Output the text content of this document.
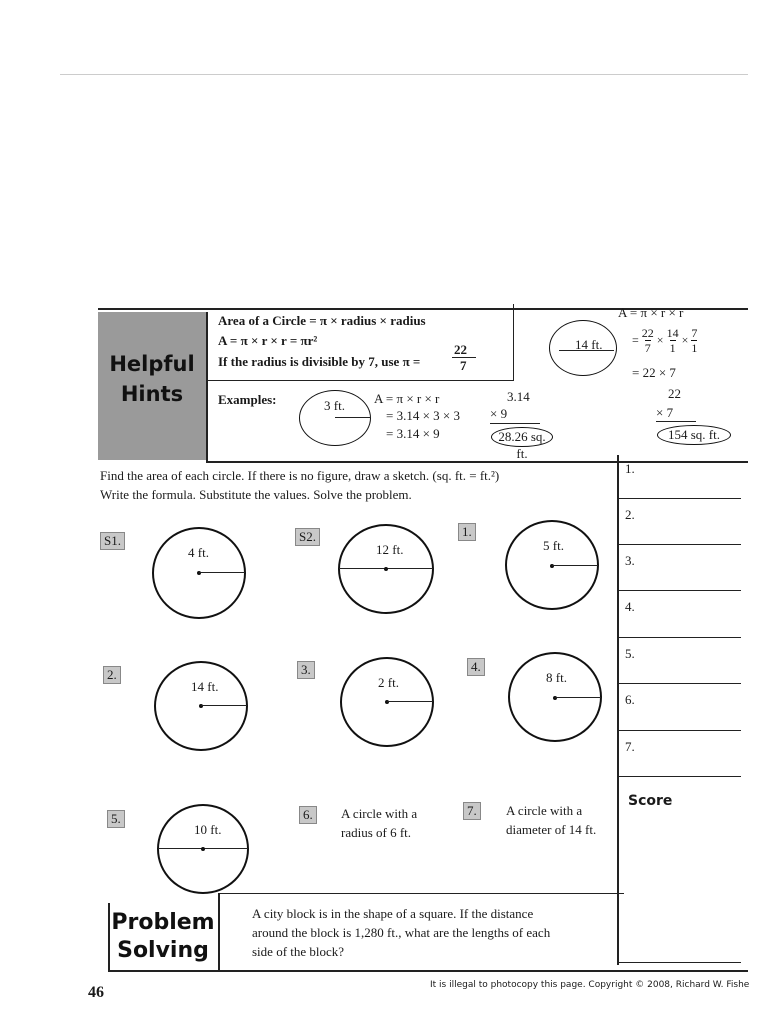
Helpful
Hints
Area of a Circle = π × radius × radius
A = π × r × r = πr²
If the radius is divisible by 7, use π =
22
7
Examples:	3 ft. A = π × r × r
= 3.14 × 3 × 3
= 3.14 × 9
3.14
× 9
28.26 sq. ft.
14 ft.
A = π × r × r
= $\frac{22}{7} \times \frac{14}{1} \times \frac{7}{1}$
= 22 × 7
22
× 7
154 sq. ft.
Find the area of each circle. If there is no figure, draw a sketch. (sq. ft. = ft.²)
Write the formula. Substitute the values. Solve the problem.
1.
2.
3.
4.
5.
6.
7.
Score
S1.
4 ft.
S2.
12 ft.
1.
5 ft.
2.
14 ft.
3.
2 ft.
4.
8 ft.
5.
10 ft.
6.	A circle with a
radius of 6 ft.
7.	A circle with a
diameter of 14 ft.
Problem
Solving
A city block is in the shape of a square. If the distance
around the block is 1,280 ft., what are the lengths of each
side of the block?
46	It is illegal to photocopy this page. Copyright © 2008, Richard W. Fishe
